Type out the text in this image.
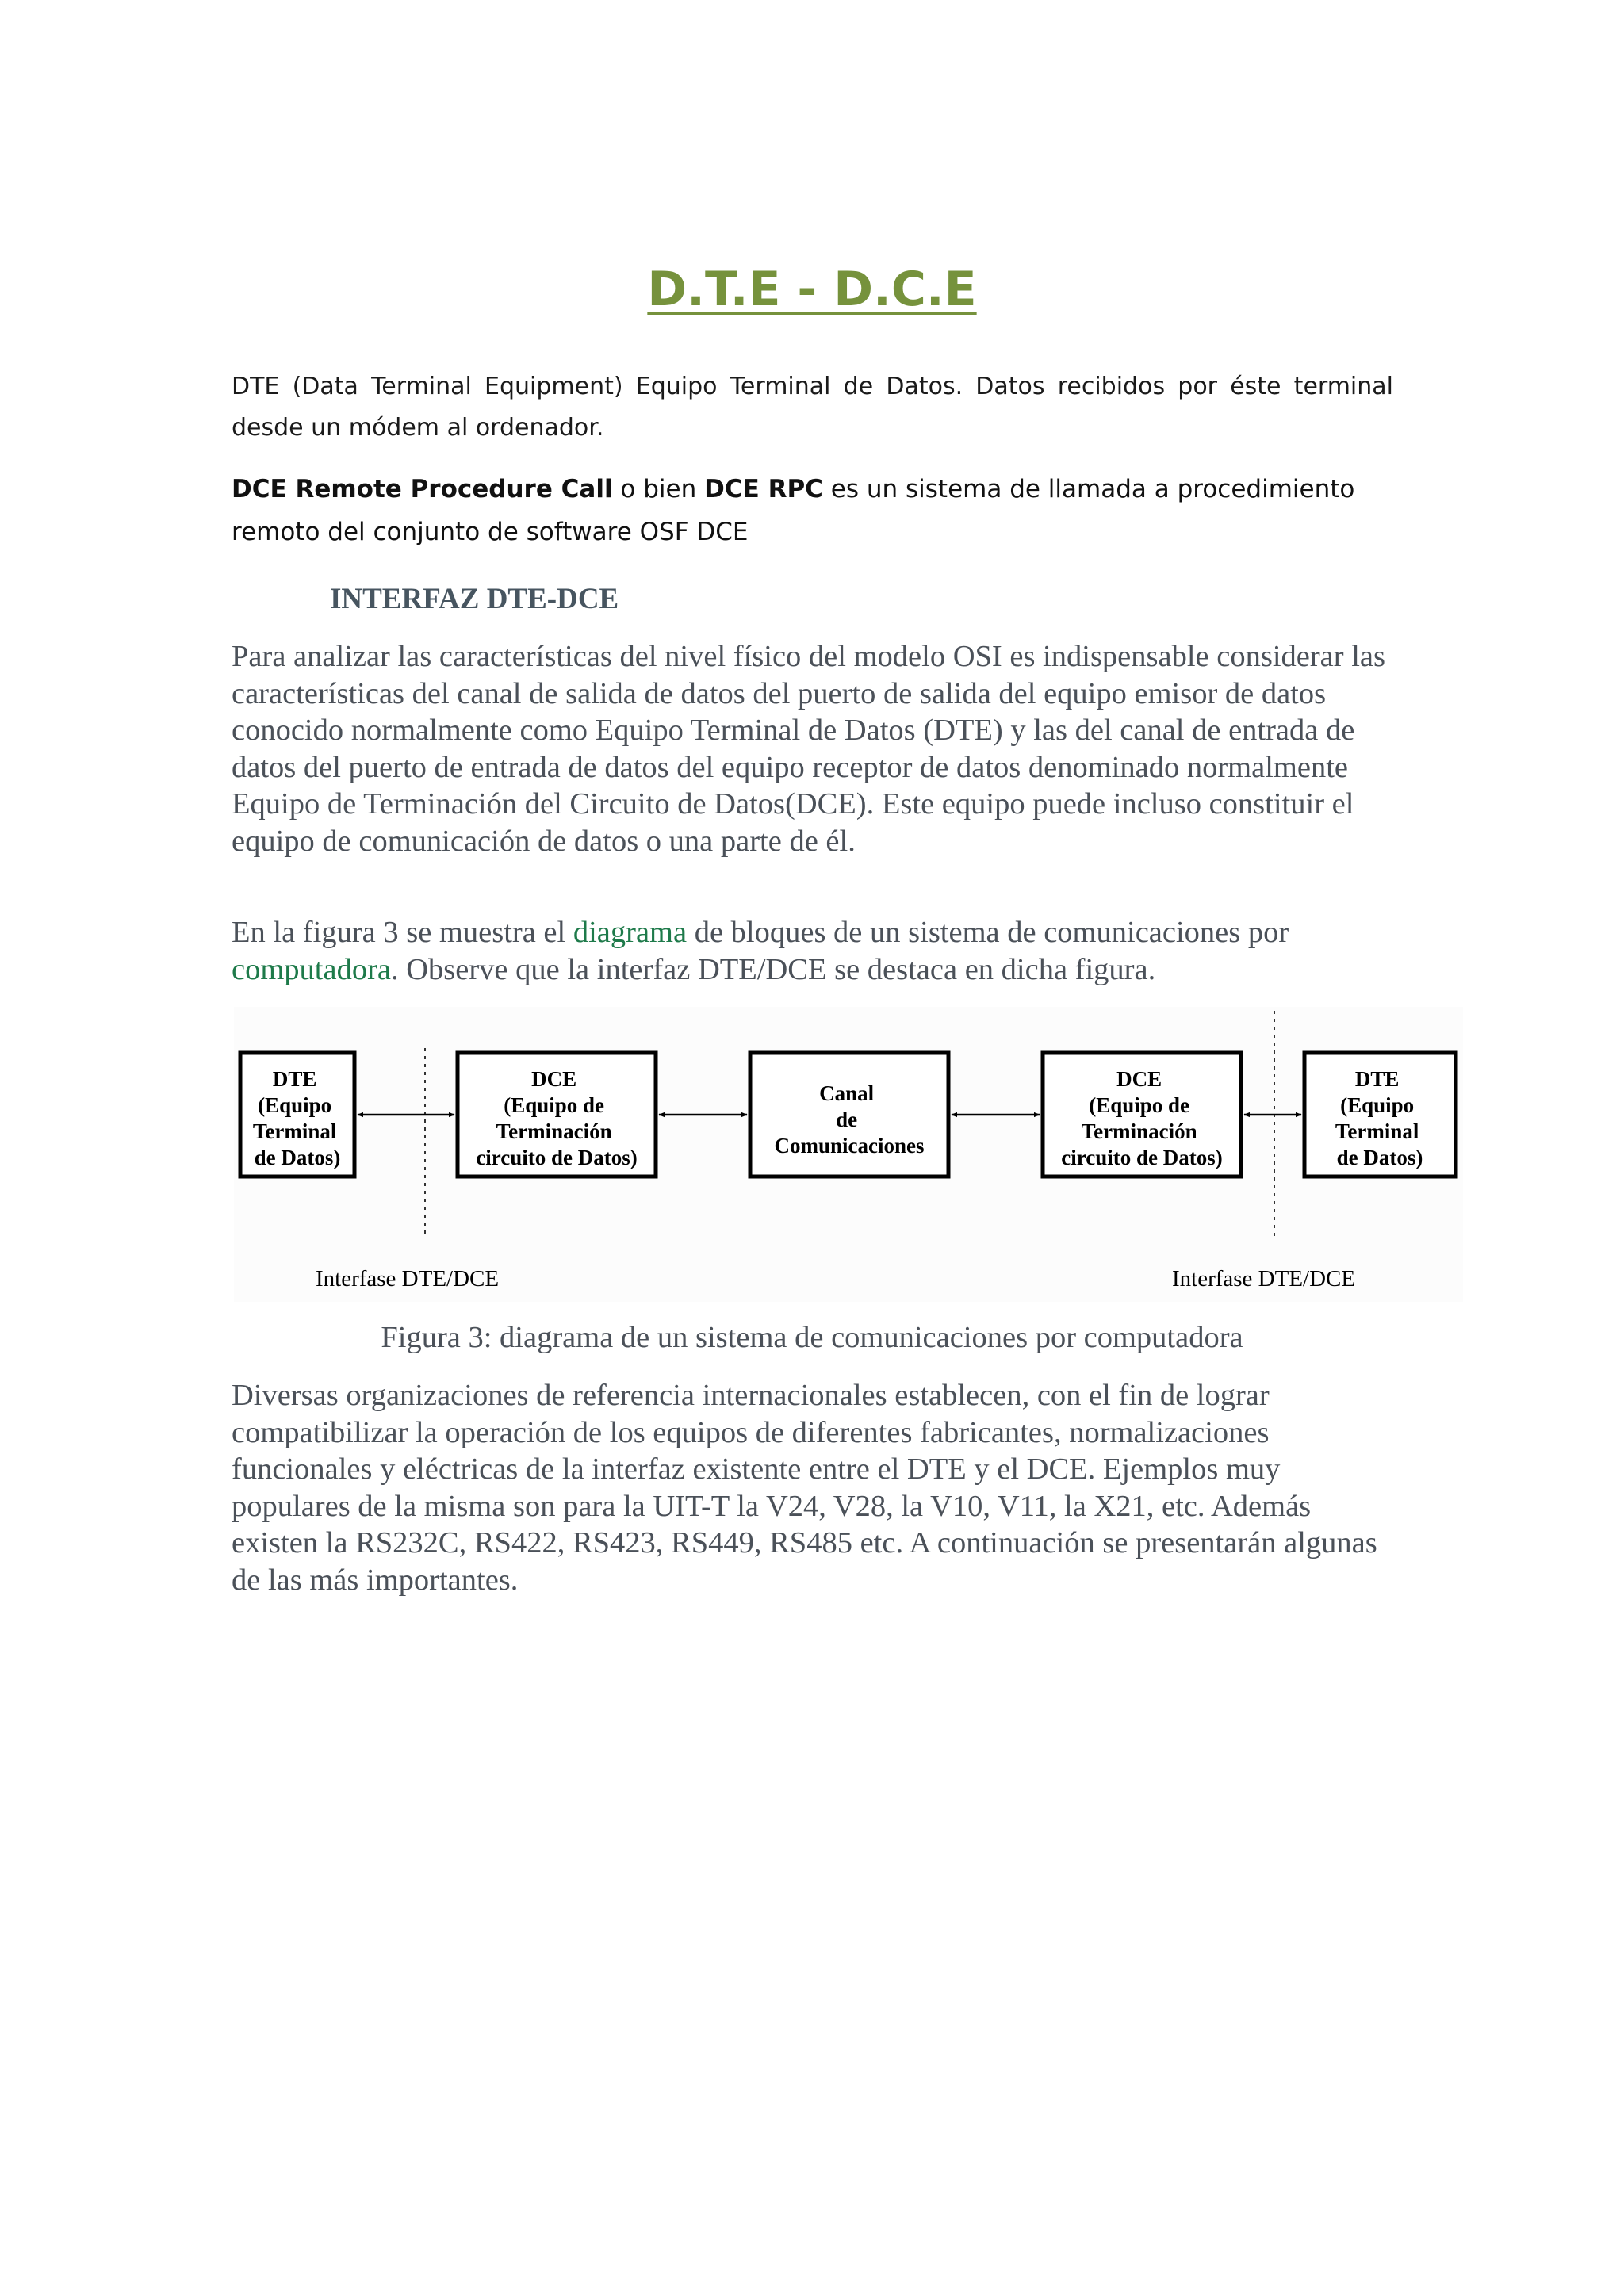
D.T.E - D.C.E

DTE (Data Terminal Equipment) Equipo Terminal de Datos. Datos recibidos por éste terminal desde un módem al ordenador.

DCE Remote Procedure Call o bien DCE RPC es un sistema de llamada a procedimiento remoto del conjunto de software OSF DCE

INTERFAZ DTE-DCE

Para analizar las características del nivel físico del modelo OSI es indispensable considerar las características del canal de salida de datos del puerto de salida del equipo emisor de datos conocido normalmente como Equipo Terminal de Datos (DTE) y las del canal de entrada de datos del puerto de entrada de datos del equipo receptor de datos denominado normalmente Equipo de Terminación del Circuito de Datos(DCE). Este equipo puede incluso constituir el equipo de comunicación de datos o una parte de él.

En la figura 3 se muestra el diagrama de bloques de un sistema de comunicaciones por computadora. Observe que la interfaz DTE/DCE se destaca en dicha figura.

DTE (Equipo Terminal de Datos)
DCE (Equipo de Terminación circuito de Datos)
Canal de Comunicaciones
DCE (Equipo de Terminación circuito de Datos)
DTE (Equipo Terminal de Datos)
Interfase DTE/DCE	Interfase DTE/DCE

Figura 3: diagrama de un sistema de comunicaciones por computadora

Diversas organizaciones de referencia internacionales establecen, con el fin de lograr compatibilizar la operación de los equipos de diferentes fabricantes, normalizaciones funcionales y eléctricas de la interfaz existente entre el DTE y el DCE. Ejemplos muy populares de la misma son para la UIT-T la V24, V28, la V10, V11, la X21, etc. Además existen la RS232C, RS422, RS423, RS449, RS485 etc. A continuación se presentarán algunas de las más importantes.
